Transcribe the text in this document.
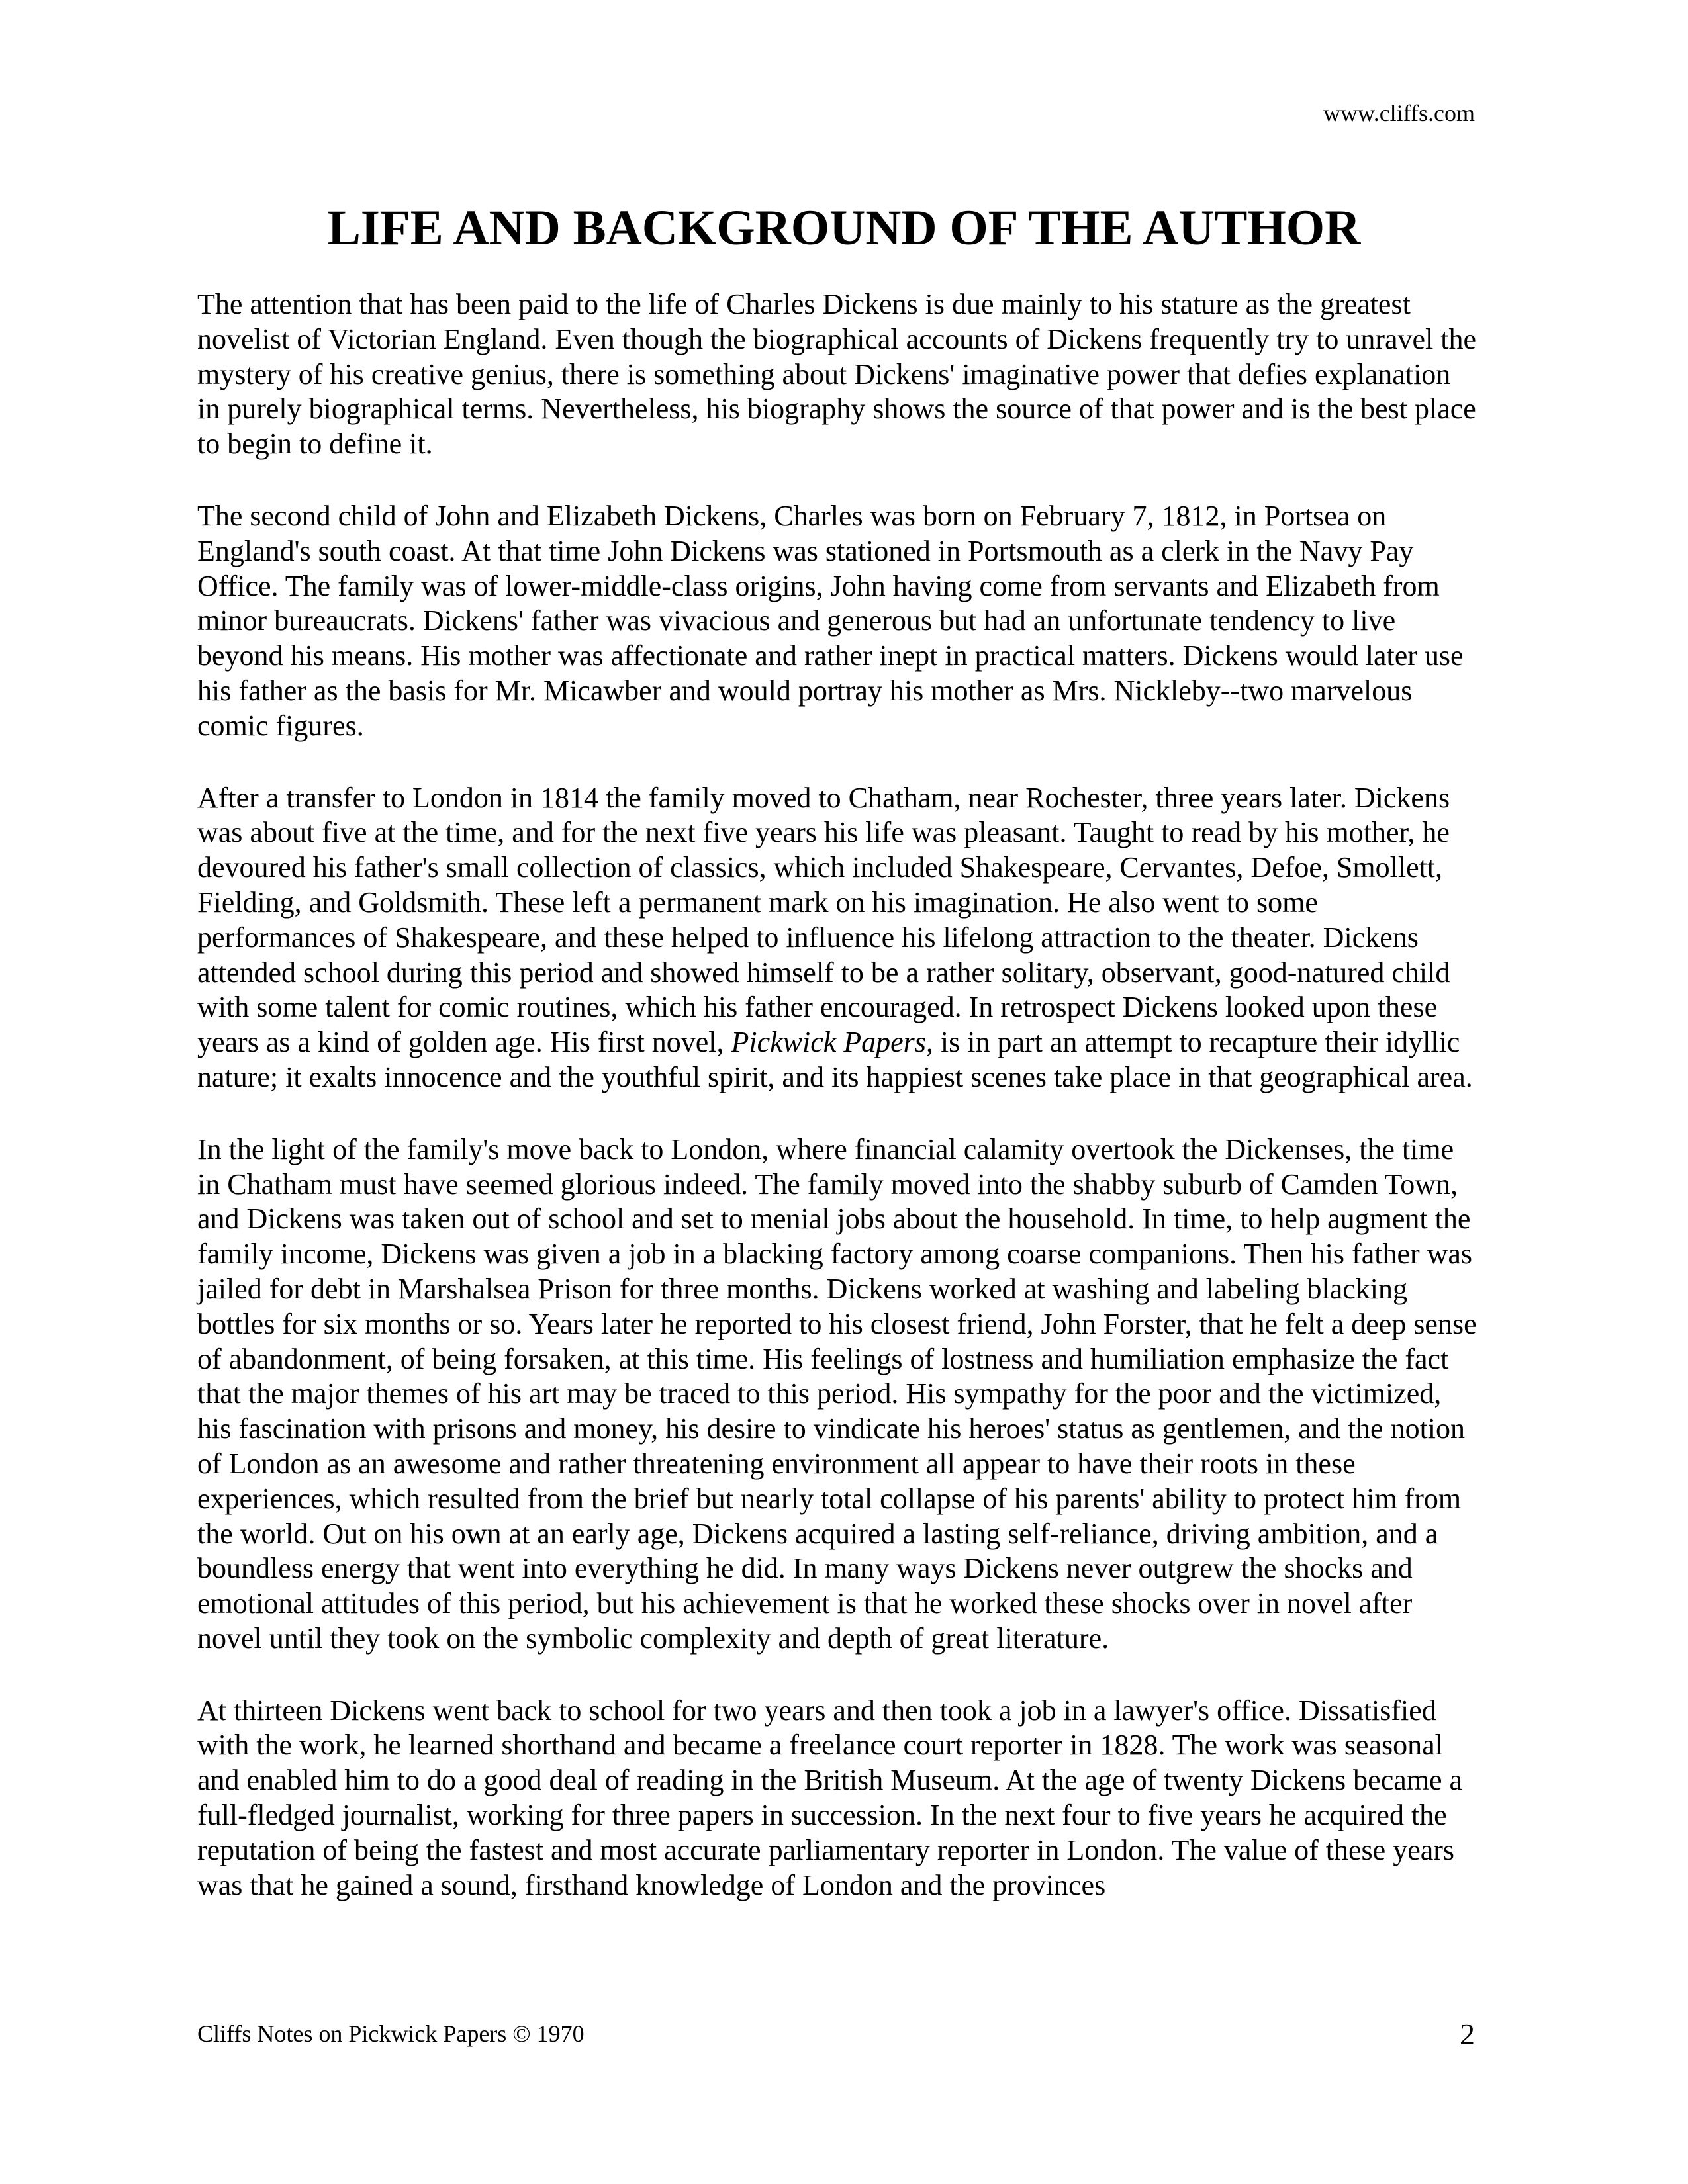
www.cliffs.com
LIFE AND BACKGROUND OF THE AUTHOR

The attention that has been paid to the life of Charles Dickens is due mainly to his stature as the greatest novelist of Victorian England. Even though the biographical accounts of Dickens frequently try to unravel the mystery of his creative genius, there is something about Dickens' imaginative power that defies explanation in purely biographical terms. Nevertheless, his biography shows the source of that power and is the best place to begin to define it.

The second child of John and Elizabeth Dickens, Charles was born on February 7, 1812, in Portsea on England's south coast. At that time John Dickens was stationed in Portsmouth as a clerk in the Navy Pay Office. The family was of lower-middle-class origins, John having come from servants and Elizabeth from minor bureaucrats. Dickens' father was vivacious and generous but had an unfortunate tendency to live beyond his means. His mother was affectionate and rather inept in practical matters. Dickens would later use his father as the basis for Mr. Micawber and would portray his mother as Mrs. Nickleby--two marvelous comic figures.

After a transfer to London in 1814 the family moved to Chatham, near Rochester, three years later. Dickens was about five at the time, and for the next five years his life was pleasant. Taught to read by his mother, he devoured his father's small collection of classics, which included Shakespeare, Cervantes, Defoe, Smollett, Fielding, and Goldsmith. These left a permanent mark on his imagination. He also went to some performances of Shakespeare, and these helped to influence his lifelong attraction to the theater. Dickens attended school during this period and showed himself to be a rather solitary, observant, good-natured child with some talent for comic routines, which his father encouraged. In retrospect Dickens looked upon these years as a kind of golden age. His first novel, Pickwick Papers, is in part an attempt to recapture their idyllic nature; it exalts innocence and the youthful spirit, and its happiest scenes take place in that geographical area.

In the light of the family's move back to London, where financial calamity overtook the Dickenses, the time in Chatham must have seemed glorious indeed. The family moved into the shabby suburb of Camden Town, and Dickens was taken out of school and set to menial jobs about the household. In time, to help augment the family income, Dickens was given a job in a blacking factory among coarse companions. Then his father was jailed for debt in Marshalsea Prison for three months. Dickens worked at washing and labeling blacking bottles for six months or so. Years later he reported to his closest friend, John Forster, that he felt a deep sense of abandonment, of being forsaken, at this time. His feelings of lostness and humiliation emphasize the fact that the major themes of his art may be traced to this period. His sympathy for the poor and the victimized, his fascination with prisons and money, his desire to vindicate his heroes' status as gentlemen, and the notion of London as an awesome and rather threatening environment all appear to have their roots in these experiences, which resulted from the brief but nearly total collapse of his parents' ability to protect him from the world. Out on his own at an early age, Dickens acquired a lasting self-reliance, driving ambition, and a boundless energy that went into everything he did. In many ways Dickens never outgrew the shocks and emotional attitudes of this period, but his achievement is that he worked these shocks over in novel after novel until they took on the symbolic complexity and depth of great literature.

At thirteen Dickens went back to school for two years and then took a job in a lawyer's office. Dissatisfied with the work, he learned shorthand and became a freelance court reporter in 1828. The work was seasonal and enabled him to do a good deal of reading in the British Museum. At the age of twenty Dickens became a full-fledged journalist, working for three papers in succession. In the next four to five years he acquired the reputation of being the fastest and most accurate parliamentary reporter in London. The value of these years was that he gained a sound, firsthand knowledge of London and the provinces

Cliffs Notes on Pickwick Papers © 1970	2
